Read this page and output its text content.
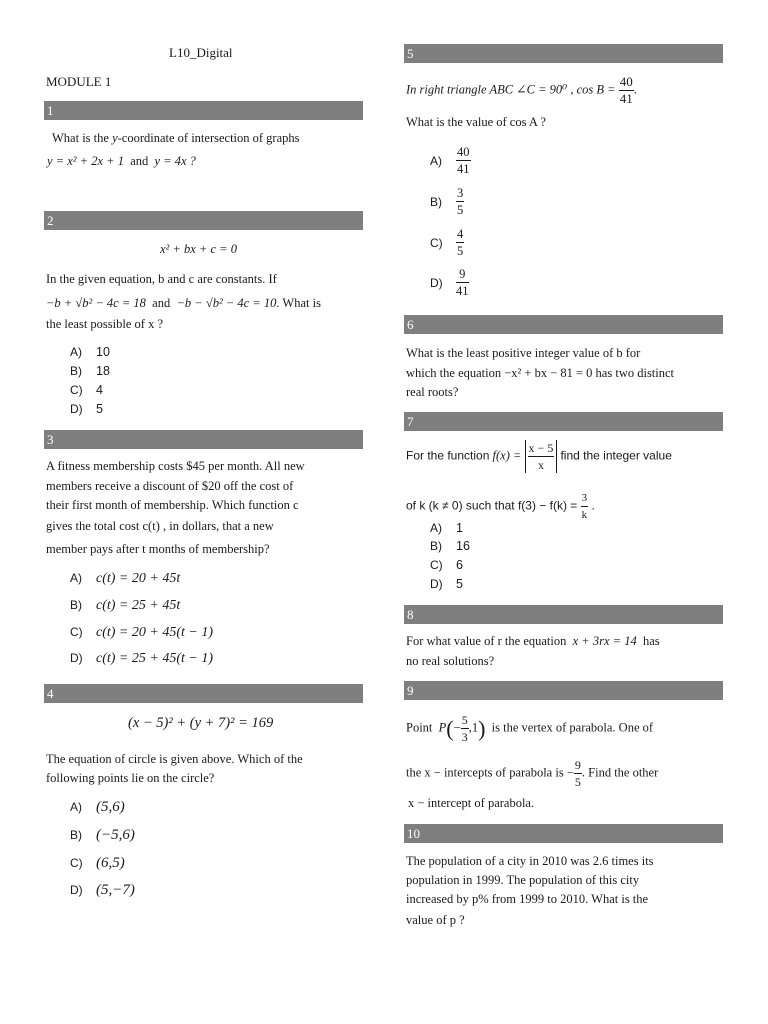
L10_Digital
MODULE 1
1
What is the y-coordinate of intersection of graphs
y = x² + 2x + 1 and y = 4x ?
2
x² + bx + c = 0
In the given equation, b and c are constants. If
−b + √b² − 4c = 18 and −b − √b² − 4c = 10. What is
the least possible of x ?
A) 10
B) 18
C) 4
D) 5
3
A fitness membership costs $45 per month. All new
members receive a discount of $20 off the cost of
their first month of membership. Which function c
gives the total cost c(t) , in dollars, that a new
member pays after t months of membership?
A) c(t) = 20 + 45t
B) c(t) = 25 + 45t
C) c(t) = 20 + 45(t − 1)
D) c(t) = 25 + 45(t − 1)
4
(x − 5)² + (y + 7)² = 169
The equation of circle is given above. Which of the
following points lie on the circle?
A) (5,6)
B) (−5,6)
C) (6,5)
D) (5,−7)
5
In right triangle ABC ∠C = 90⁰ , $\cos B = \frac{40}{41}$ .
What is the value of cos A ?
$A) \frac{40}{41}$
$B) \frac{3}{5}$
$C) \frac{4}{5}$
$D) \frac{9}{41}$
6
What is the least positive integer value of b for
which the equation −x² + bx − 81 = 0 has two distinct
real roots?
7
For the function $f(x) = \frac{x - 5}{x}$ find the integer value
of k (k ≠ 0) such that $f(3) - f(k) = \frac{3}{k}$ .
A) 1
B) 16
C) 6
D) 5
8
For what value of r the equation x + 3rx = 14 has
no real solutions?
9
Point $P(- \frac{5}{3} ,1)$ is the vertex of parabola. One of
the x − intercepts of parabola is − $\frac{9}{5}$ . Find the other
x − intercept of parabola.
10
The population of a city in 2010 was 2.6 times its
population in 1999. The population of this city
increased by p% from 1999 to 2010. What is the
value of p ?
